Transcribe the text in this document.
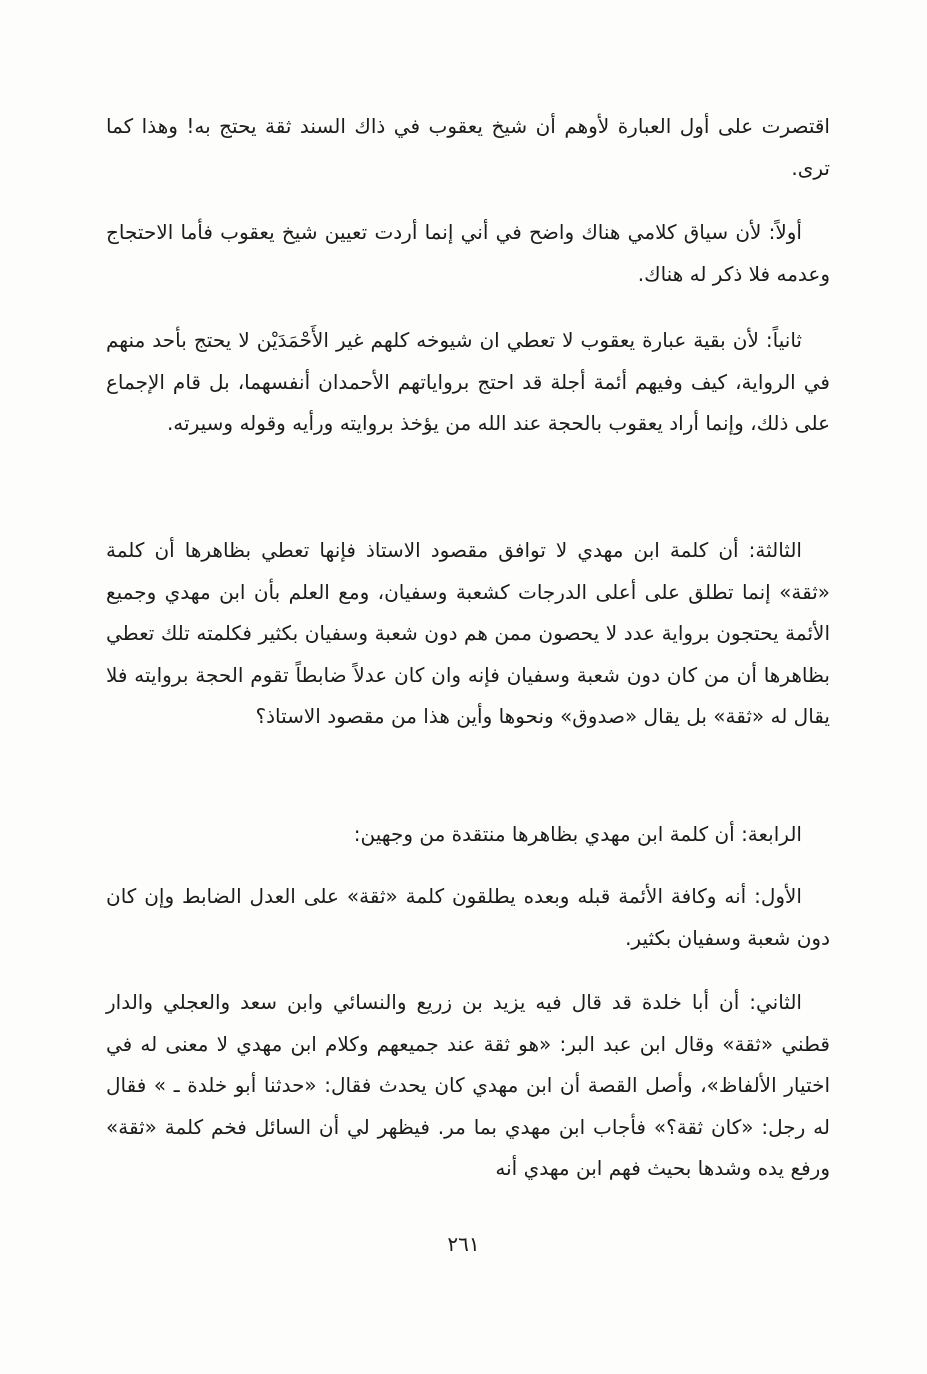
اقتصرت على أول العبارة لأوهم أن شيخ يعقوب في ذاك السند ثقة يحتج به! وهذا كما ترى.

أولاً: لأن سياق كلامي هناك واضح في أني إنما أردت تعيين شيخ يعقوب فأما الاحتجاج وعدمه فلا ذكر له هناك.

ثانياً: لأن بقية عبارة يعقوب لا تعطي ان شيوخه كلهم غير الأَحْمَدَيْن لا يحتج بأحد منهم في الرواية، كيف وفيهم أئمة أجلة قد احتج برواياتهم الأحمدان أنفسهما، بل قام الإجماع على ذلك، وإنما أراد يعقوب بالحجة عند الله من يؤخذ بروايته ورأيه وقوله وسيرته.

الثالثة: أن كلمة ابن مهدي لا توافق مقصود الاستاذ فإنها تعطي بظاهرها أن كلمة «ثقة» إنما تطلق على أعلى الدرجات كشعبة وسفيان، ومع العلم بأن ابن مهدي وجميع الأئمة يحتجون برواية عدد لا يحصون ممن هم دون شعبة وسفيان بكثير فكلمته تلك تعطي بظاهرها أن من كان دون شعبة وسفيان فإنه وان كان عدلاً ضابطاً تقوم الحجة بروايته فلا يقال له «ثقة» بل يقال «صدوق» ونحوها وأين هذا من مقصود الاستاذ؟

الرابعة: أن كلمة ابن مهدي بظاهرها منتقدة من وجهين:

الأول: أنه وكافة الأئمة قبله وبعده يطلقون كلمة «ثقة» على العدل الضابط وإن كان دون شعبة وسفيان بكثير.

الثاني: أن أبا خلدة قد قال فيه يزيد بن زريع والنسائي وابن سعد والعجلي والدار قطني «ثقة» وقال ابن عبد البر: «هو ثقة عند جميعهم وكلام ابن مهدي لا معنى له في اختيار الألفاظ»، وأصل القصة أن ابن مهدي كان يحدث فقال: «حدثنا أبو خلدة ـ » فقال له رجل: «كان ثقة؟» فأجاب ابن مهدي بما مر. فيظهر لي أن السائل فخم كلمة «ثقة» ورفع يده وشدها بحيث فهم ابن مهدي أنه

٢٦١
